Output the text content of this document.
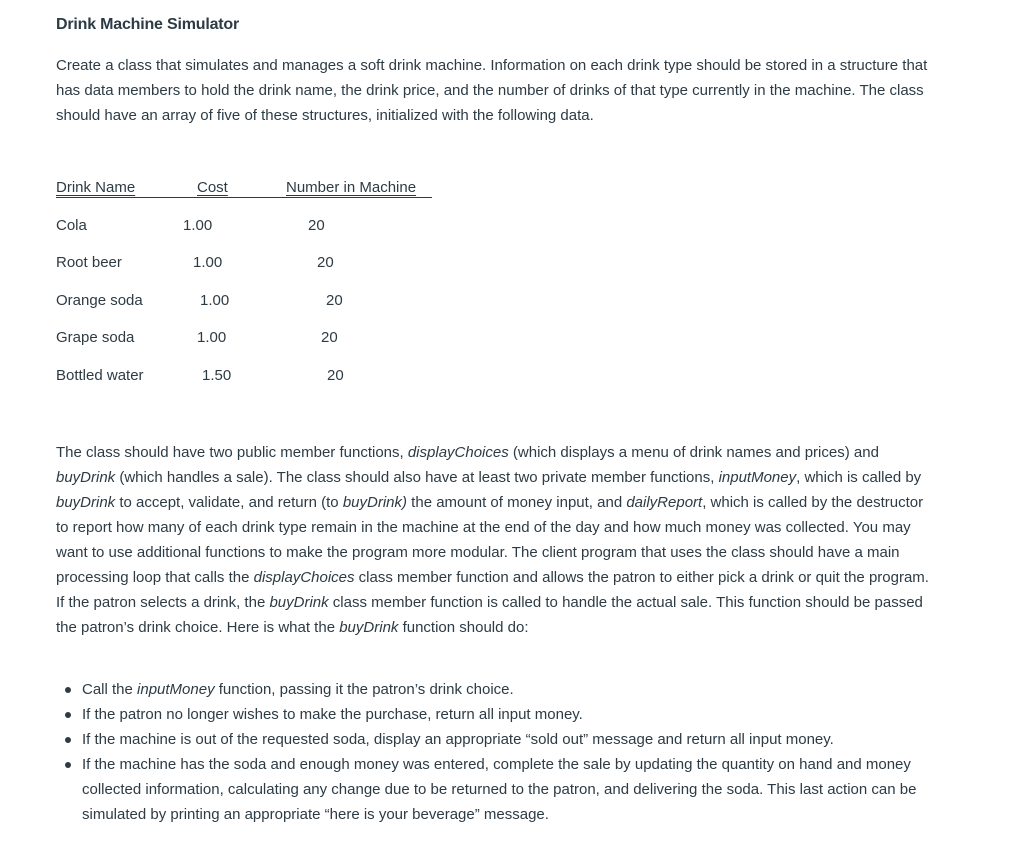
Drink Machine Simulator

Create a class that simulates and manages a soft drink machine. Information on each drink type should be stored in a structure that has data members to hold the drink name, the drink price, and the number of drinks of that type currently in the machine. The class should have an array of five of these structures, initialized with the following data.

Drink Name	Cost	Number in Machine
Cola	1.00	20
Root beer	1.00	20
Orange soda	1.00	20
Grape soda	1.00	20
Bottled water	1.50	20

The class should have two public member functions, displayChoices (which displays a menu of drink names and prices) and buyDrink (which handles a sale). The class should also have at least two private member functions, inputMoney, which is called by buyDrink to accept, validate, and return (to buyDrink) the amount of money input, and dailyReport, which is called by the destructor to report how many of each drink type remain in the machine at the end of the day and how much money was collected. You may want to use additional functions to make the program more modular. The client program that uses the class should have a main processing loop that calls the displayChoices class member function and allows the patron to either pick a drink or quit the program. If the patron selects a drink, the buyDrink class member function is called to handle the actual sale. This function should be passed the patron’s drink choice. Here is what the buyDrink function should do:

Call the inputMoney function, passing it the patron’s drink choice.
If the patron no longer wishes to make the purchase, return all input money.
If the machine is out of the requested soda, display an appropriate “sold out” message and return all input money.
If the machine has the soda and enough money was entered, complete the sale by updating the quantity on hand and money collected information, calculating any change due to be returned to the patron, and delivering the soda. This last action can be simulated by printing an appropriate “here is your beverage” message.
